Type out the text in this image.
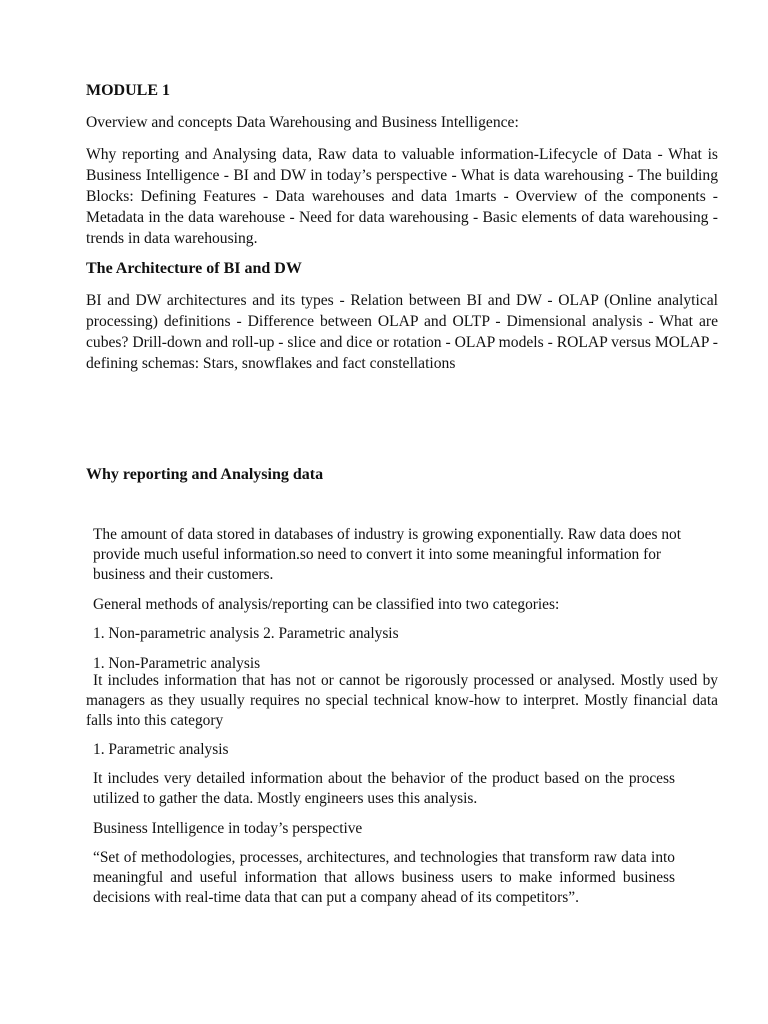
MODULE 1

Overview and concepts Data Warehousing and Business Intelligence:

Why reporting and Analysing data, Raw data to valuable information-Lifecycle of Data - What is Business Intelligence - BI and DW in today’s perspective - What is data warehousing - The building Blocks: Defining Features - Data warehouses and data 1marts - Overview of the components - Metadata in the data warehouse - Need for data warehousing - Basic elements of data warehousing - trends in data warehousing.

The Architecture of BI and DW

BI and DW architectures and its types - Relation between BI and DW - OLAP (Online analytical processing) definitions - Difference between OLAP and OLTP - Dimensional analysis - What are cubes? Drill-down and roll-up - slice and dice or rotation - OLAP models - ROLAP versus MOLAP - defining schemas: Stars, snowflakes and fact constellations

Why reporting and Analysing data

The amount of data stored in databases of industry is growing exponentially. Raw data does not provide much useful information.so need to convert it into some meaningful information for business and their customers.

General methods of analysis/reporting can be classified into two categories:

1. Non-parametric analysis 2. Parametric analysis

1. Non-Parametric analysis

It includes information that has not or cannot be rigorously processed or analysed. Mostly used by managers as they usually requires no special technical know-how to interpret. Mostly financial data falls into this category

1. Parametric analysis

It includes very detailed information about the behavior of the product based on the process utilized to gather the data. Mostly engineers uses this analysis.

Business Intelligence in today’s perspective

“Set of methodologies, processes, architectures, and technologies that transform raw data into meaningful and useful information that allows business users to make informed business decisions with real-time data that can put a company ahead of its competitors”.
